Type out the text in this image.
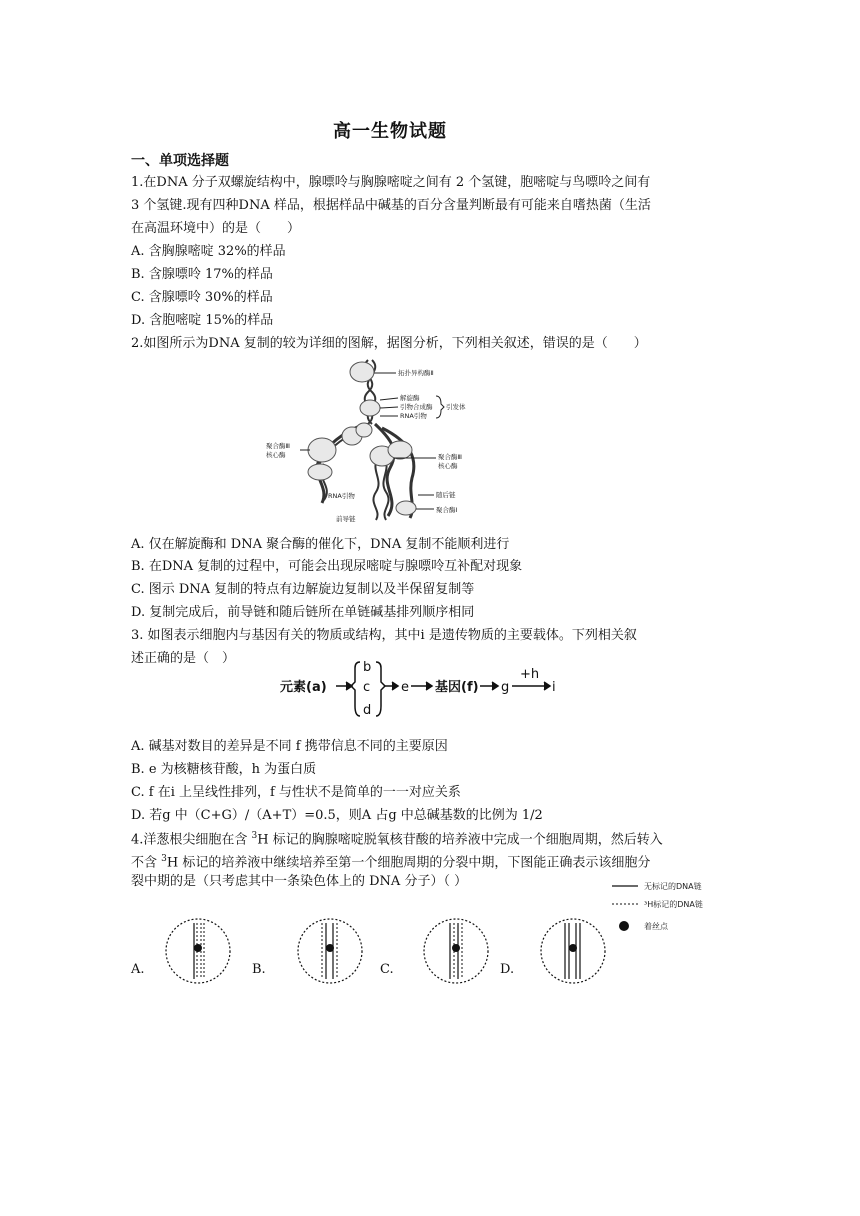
高一生物试题
一、单项选择题
1.在DNA 分子双螺旋结构中，腺嘌呤与胸腺嘧啶之间有 2 个氢键，胞嘧啶与鸟嘌呤之间有
3 个氢键.现有四种DNA 样品，根据样品中碱基的百分含量判断最有可能来自嗜热菌（生活
在高温环境中）的是（　　）
A. 含胸腺嘧啶 32%的样品
B. 含腺嘌呤 17%的样品
C. 含腺嘌呤 30%的样品
D. 含胞嘧啶 15%的样品
2.如图所示为DNA 复制的较为详细的图解，据图分析，下列相关叙述，错误的是（　　）
拓扑异构酶Ⅱ
解旋酶
引物合成酶
RNA引物
引发体
聚合酶Ⅲ
核心酶	聚合酶Ⅲ
核心酶
RNA引物	随后链
前导链
聚合酶Ⅰ
A. 仅在解旋酶和 DNA 聚合酶的催化下，DNA 复制不能顺利进行
B. 在DNA 复制的过程中，可能会出现尿嘧啶与腺嘌呤互补配对现象
C. 图示 DNA 复制的特点有边解旋边复制以及半保留复制等
D. 复制完成后，前导链和随后链所在单链碱基排列顺序相同
3. 如图表示细胞内与基因有关的物质或结构，其中i 是遗传物质的主要载体。下列相关叙
述正确的是（　）
元素(a)
b
c
d
e 基因(f) g
+h
i
A. 碱基对数目的差异是不同 f 携带信息不同的主要原因
B. e 为核糖核苷酸，h 为蛋白质
C. f 在i 上呈线性排列，f 与性状不是简单的一一对应关系
D. 若g 中（C+G）/（A+T）=0.5，则A 占g 中总碱基数的比例为 1/2
4.洋葱根尖细胞在含 $^3$H 标记的胸腺嘧啶脱氧核苷酸的培养液中完成一个细胞周期，然后转入
不含 $^3$H 标记的培养液中继续培养至第一个细胞周期的分裂中期，下图能正确表示该细胞分
裂中期的是（只考虑其中一条染色体上的 DNA 分子）（ ）	无标记的DNA链
³H标记的DNA链
着丝点
A.	B.	C.	D.
